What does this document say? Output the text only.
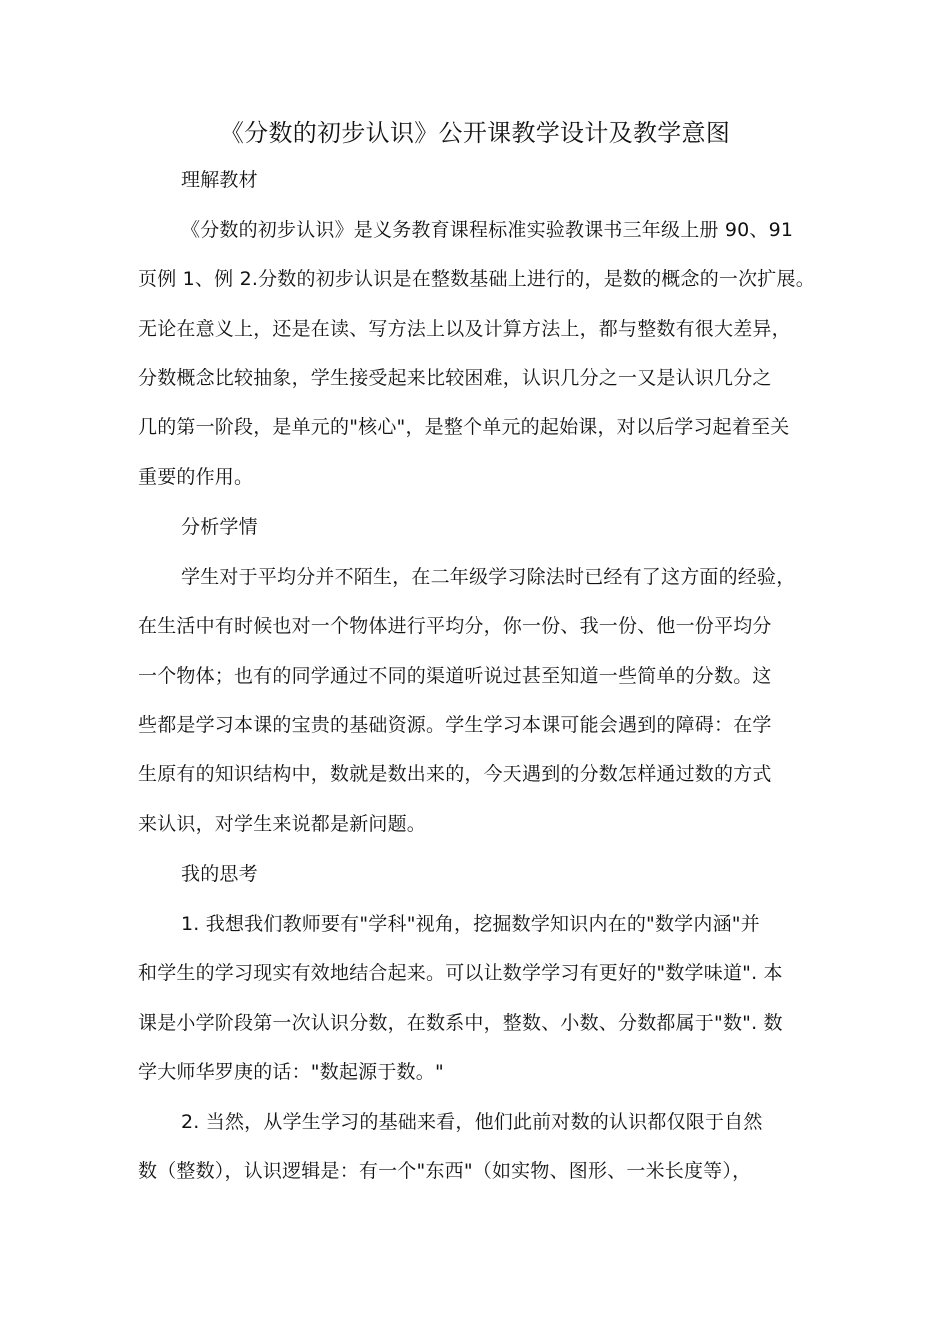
《分数的初步认识》公开课教学设计及教学意图
理解教材
《分数的初步认识》是义务教育课程标准实验教课书三年级上册 90、91
页例 1、例 2.分数的初步认识是在整数基础上进行的，是数的概念的一次扩展。
无论在意义上，还是在读、写方法上以及计算方法上，都与整数有很大差异，
分数概念比较抽象，学生接受起来比较困难，认识几分之一又是认识几分之
几的第一阶段，是单元的"核心"，是整个单元的起始课，对以后学习起着至关
重要的作用。
分析学情
学生对于平均分并不陌生，在二年级学习除法时已经有了这方面的经验，
在生活中有时候也对一个物体进行平均分，你一份、我一份、他一份平均分
一个物体；也有的同学通过不同的渠道听说过甚至知道一些简单的分数。这
些都是学习本课的宝贵的基础资源。学生学习本课可能会遇到的障碍：在学
生原有的知识结构中，数就是数出来的，今天遇到的分数怎样通过数的方式
来认识，对学生来说都是新问题。
我的思考
1. 我想我们教师要有"学科"视角，挖掘数学知识内在的"数学内涵"并
和学生的学习现实有效地结合起来。可以让数学学习有更好的"数学味道". 本
课是小学阶段第一次认识分数，在数系中，整数、小数、分数都属于"数". 数
学大师华罗庚的话："数起源于数。"
2. 当然，从学生学习的基础来看，他们此前对数的认识都仅限于自然
数（整数），认识逻辑是：有一个"东西"（如实物、图形、一米长度等），
